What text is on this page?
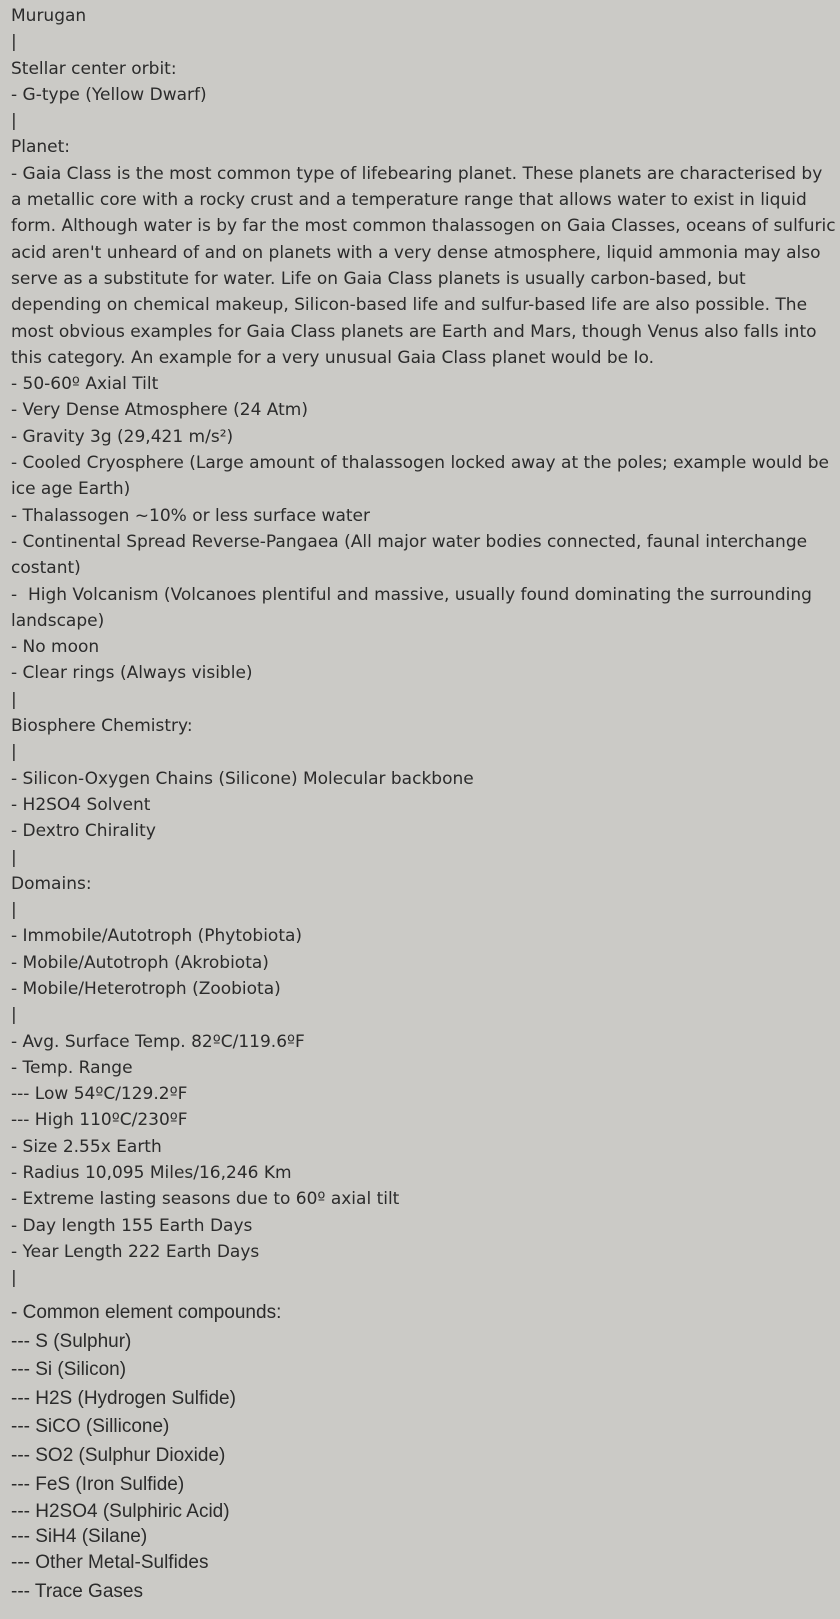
Murugan

|

Stellar center orbit:

- G-type (Yellow Dwarf)

|

Planet:

- Gaia Class is the most common type of lifebearing planet. These planets are characterised by a metallic core with a rocky crust and a temperature range that allows water to exist in liquid form. Although water is by far the most common thalassogen on Gaia Classes, oceans of sulfuric acid aren't unheard of and on planets with a very dense atmosphere, liquid ammonia may also serve as a substitute for water. Life on Gaia Class planets is usually carbon-based, but depending on chemical makeup, Silicon-based life and sulfur-based life are also possible. The most obvious examples for Gaia Class planets are Earth and Mars, though Venus also falls into this category. An example for a very unusual Gaia Class planet would be Io.

- 50-60º Axial Tilt

- Very Dense Atmosphere (24 Atm)

- Gravity 3g (29,421 m/s²)

- Cooled Cryosphere (Large amount of thalassogen locked away at the poles; example would be ice age Earth)

- Thalassogen ~10% or less surface water

- Continental Spread Reverse-Pangaea (All major water bodies connected, faunal interchange costant)

-  High Volcanism (Volcanoes plentiful and massive, usually found dominating the surrounding landscape)

- No moon

- Clear rings (Always visible)

|

Biosphere Chemistry:

|

- Silicon-Oxygen Chains (Silicone) Molecular backbone

- H2SO4 Solvent

- Dextro Chirality

|

Domains:

|

- Immobile/Autotroph (Phytobiota)

- Mobile/Autotroph (Akrobiota)

- Mobile/Heterotroph (Zoobiota)

|

- Avg. Surface Temp. 82ºC/119.6ºF

- Temp. Range

--- Low 54ºC/129.2ºF

--- High 110ºC/230ºF

- Size 2.55x Earth

- Radius 10,095 Miles/16,246 Km

- Extreme lasting seasons due to 60º axial tilt

- Day length 155 Earth Days

- Year Length 222 Earth Days

|

- Common element compounds:

--- S (Sulphur)

--- Si (Silicon)

--- H2S (Hydrogen Sulfide)

--- SiCO (Sillicone)

--- SO2 (Sulphur Dioxide)

--- FeS (Iron Sulfide)

--- H2SO4 (Sulphiric Acid)

--- SiH4 (Silane)

--- Other Metal-Sulfides

--- Trace Gases
